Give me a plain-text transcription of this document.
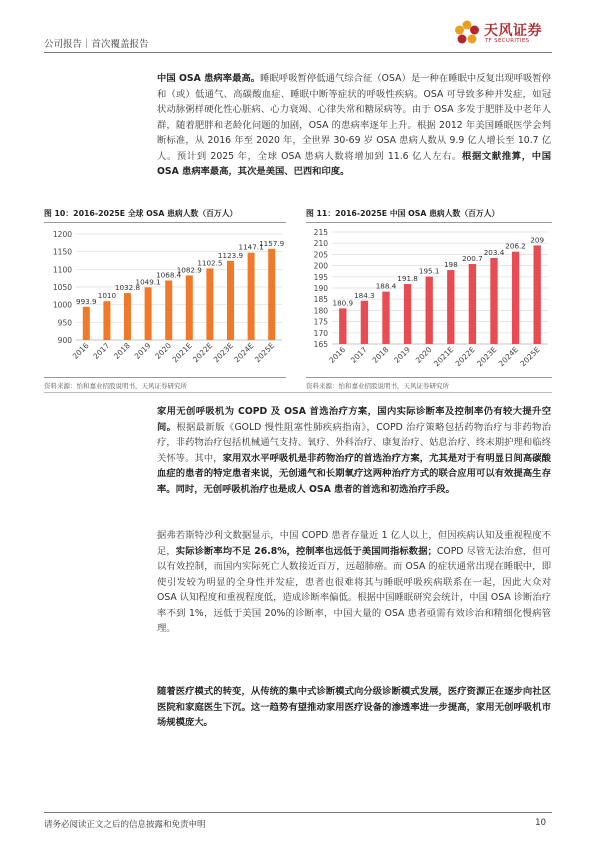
公司报告｜首次覆盖报告
天风证券
TF SECURITIES
中国 OSA 患病率最高。睡眠呼吸暂停低通气综合征（OSA）是一种在睡眠中反复出现呼吸暂停和（或）低通气、高碳酸血症、睡眠中断等症状的呼吸性疾病。OSA 可导致多种并发症，如冠状动脉粥样硬化性心脏病、心力衰竭、心律失常和糖尿病等。由于 OSA 多发于肥胖及中老年人群，随着肥胖和老龄化问题的加剧，OSA 的患病率逐年上升。根据 2012 年美国睡眠医学会判断标准，从 2016 年至 2020 年，全世界 30-69 岁 OSA 患病人数从 9.9 亿人增长至 10.7 亿人。预计到 2025 年，全球 OSA 患病人数将增加到 11.6 亿人左右。根据文献推算，中国 OSA 患病率最高，其次是美国、巴西和印度。
图 10：2016-2025E 全球 OSA 患病人数（百万人）
900
950
1000
1050
1100
1150
1200
993.9
2016
1010
2017
1032.8
2018
1049.1
2019
1068.4
2020
1082.9
2021E
1102.5
2022E
1123.9
2023E
1147.1
2024E
1157.9
2025E
资料来源：怡和嘉业招股说明书，天风证券研究所
图 11：2016-2025E 中国 OSA 患病人数（百万人）
165
170
175
180
185
190
195
200
205
210
215
180.9
2016
184.3
2017
188.4
2018
191.8
2019
195.1
2020
198
2021E
200.7
2022E
203.4
2023E
206.2
2024E
209
2025E
资料来源：怡和嘉业招股说明书，天风证券研究所
家用无创呼吸机为 COPD 及 OSA 首选治疗方案，国内实际诊断率及控制率仍有较大提升空间。根据最新版《GOLD 慢性阻塞性肺疾病指南》，COPD 治疗策略包括药物治疗与非药物治疗，非药物治疗包括机械通气支持、氧疗、外科治疗、康复治疗、姑息治疗、终末期护理和临终关怀等。其中，家用双水平呼吸机是非药物治疗的首选治疗方案，尤其是对于有明显日间高碳酸血症的患者的特定患者来说，无创通气和长期氧疗这两种治疗方式的联合应用可以有效提高生存率。同时，无创呼吸机治疗也是成人 OSA 患者的首选和初选治疗手段。
据弗若斯特沙利文数据显示，中国 COPD 患者存量近 1 亿人以上，但因疾病认知及重视程度不足，实际诊断率均不足 26.8%，控制率也远低于美国同指标数据；COPD 尽管无法治愈，但可以有效控制，而国内实际死亡人数接近百万，远超肺癌。而 OSA 的症状通常出现在睡眠中，即使引发较为明显的全身性并发症，患者也很难将其与睡眠呼吸疾病联系在一起，因此大众对 OSA 认知程度和重视程度低，造成诊断率偏低。根据中国睡眠研究会统计，中国 OSA 诊断治疗率不到 1%，远低于美国 20%的诊断率，中国大量的 OSA 患者亟需有效诊治和精细化慢病管理。
随着医疗模式的转变，从传统的集中式诊断模式向分级诊断模式发展，医疗资源正在逐步向社区医院和家庭医生下沉。这一趋势有望推动家用医疗设备的渗透率进一步提高，家用无创呼吸机市场规模庞大。
请务必阅读正文之后的信息披露和免责申明	10
